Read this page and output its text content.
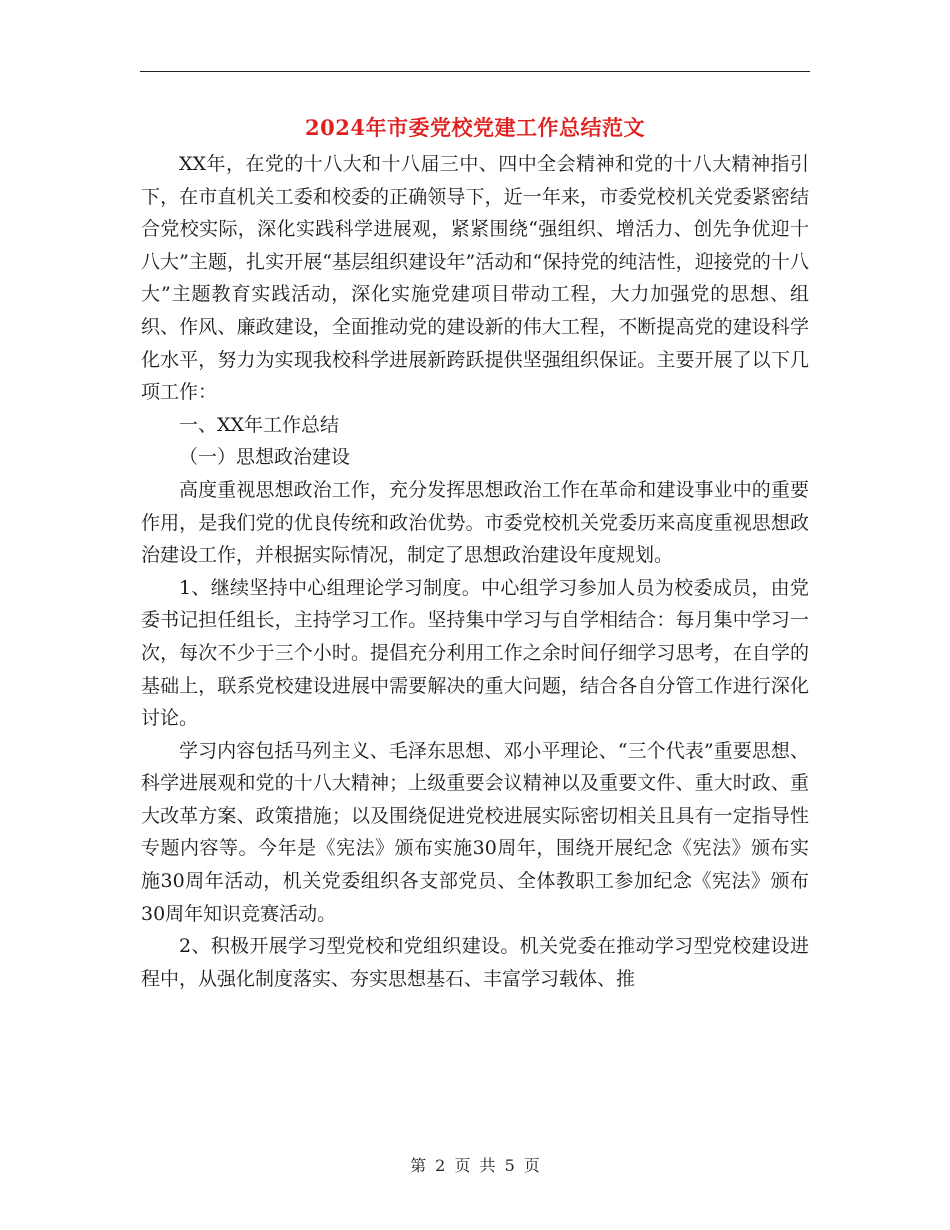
2024年市委党校党建工作总结范文

XX年，在党的十八大和十八届三中、四中全会精神和党的十八大精神指引下，在市直机关工委和校委的正确领导下，近一年来，市委党校机关党委紧密结合党校实际，深化实践科学进展观，紧紧围绕“强组织、增活力、创先争优迎十八大”主题，扎实开展“基层组织建设年”活动和“保持党的纯洁性，迎接党的十八大”主题教育实践活动，深化实施党建项目带动工程，大力加强党的思想、组织、作风、廉政建设，全面推动党的建设新的伟大工程，不断提高党的建设科学化水平，努力为实现我校科学进展新跨跃提供坚强组织保证。主要开展了以下几项工作：

一、XX年工作总结

（一）思想政治建设

高度重视思想政治工作，充分发挥思想政治工作在革命和建设事业中的重要作用，是我们党的优良传统和政治优势。市委党校机关党委历来高度重视思想政治建设工作，并根据实际情况，制定了思想政治建设年度规划。

1、继续坚持中心组理论学习制度。中心组学习参加人员为校委成员，由党委书记担任组长，主持学习工作。坚持集中学习与自学相结合：每月集中学习一次，每次不少于三个小时。提倡充分利用工作之余时间仔细学习思考，在自学的基础上，联系党校建设进展中需要解决的重大问题，结合各自分管工作进行深化讨论。

学习内容包括马列主义、毛泽东思想、邓小平理论、“三个代表”重要思想、科学进展观和党的十八大精神；上级重要会议精神以及重要文件、重大时政、重大改革方案、政策措施；以及围绕促进党校进展实际密切相关且具有一定指导性专题内容等。今年是《宪法》颁布实施30周年，围绕开展纪念《宪法》颁布实施30周年活动，机关党委组织各支部党员、全体教职工参加纪念《宪法》颁布30周年知识竞赛活动。

2、积极开展学习型党校和党组织建设。机关党委在推动学习型党校建设进程中，从强化制度落实、夯实思想基石、丰富学习载体、推

第 2 页 共 5 页
